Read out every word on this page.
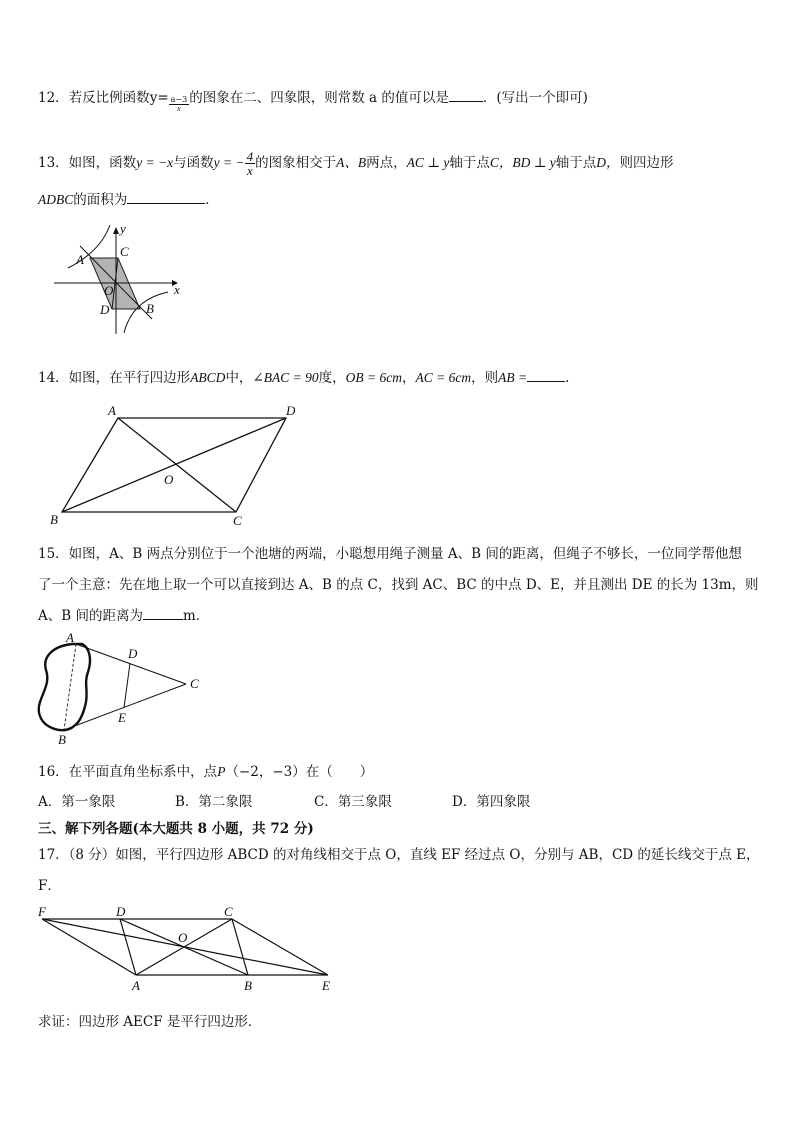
12．若反比例函数$y= \frac{a-3}{x}$ 的图象在二、四象限，则常数 a 的值可以是	．(写出一个即可)
13．如图，函数y = −x与函数y = − $\frac{4}{x}$ 的图象相交于A、B两点，AC ⊥ y轴于点C，BD ⊥ y轴于点D，则四边形
ADBC的面积为	．
y
x
A
C
O
D	B
14．如图，在平行四边形ABCD中，∠BAC = 90度，OB = 6cm，AC = 6cm，则AB =	.
A	D
O
B	C
15．如图，A、B 两点分别位于一个池塘的两端，小聪想用绳子测量 A、B 间的距离，但绳子不够长，一位同学帮他想
了一个主意：先在地上取一个可以直接到达 A、B 的点 C，找到 AC、BC 的中点 D、E，并且测出 DE 的长为 13m，则
A、B 间的距离为	m．
A
D
C
E
B
16．在平面直角坐标系中，点P（−2，−3）在（　　）
A．第一象限	B．第二象限	C．第三象限	D．第四象限
三、解下列各题(本大题共 8 小题，共 72 分)
17．（8 分）如图，平行四边形 ABCD 的对角线相交于点 O，直线 EF 经过点 O，分别与 AB，CD 的延长线交于点 E，
F．
F	D	C
O
A	B	E
求证：四边形 AECF 是平行四边形．
